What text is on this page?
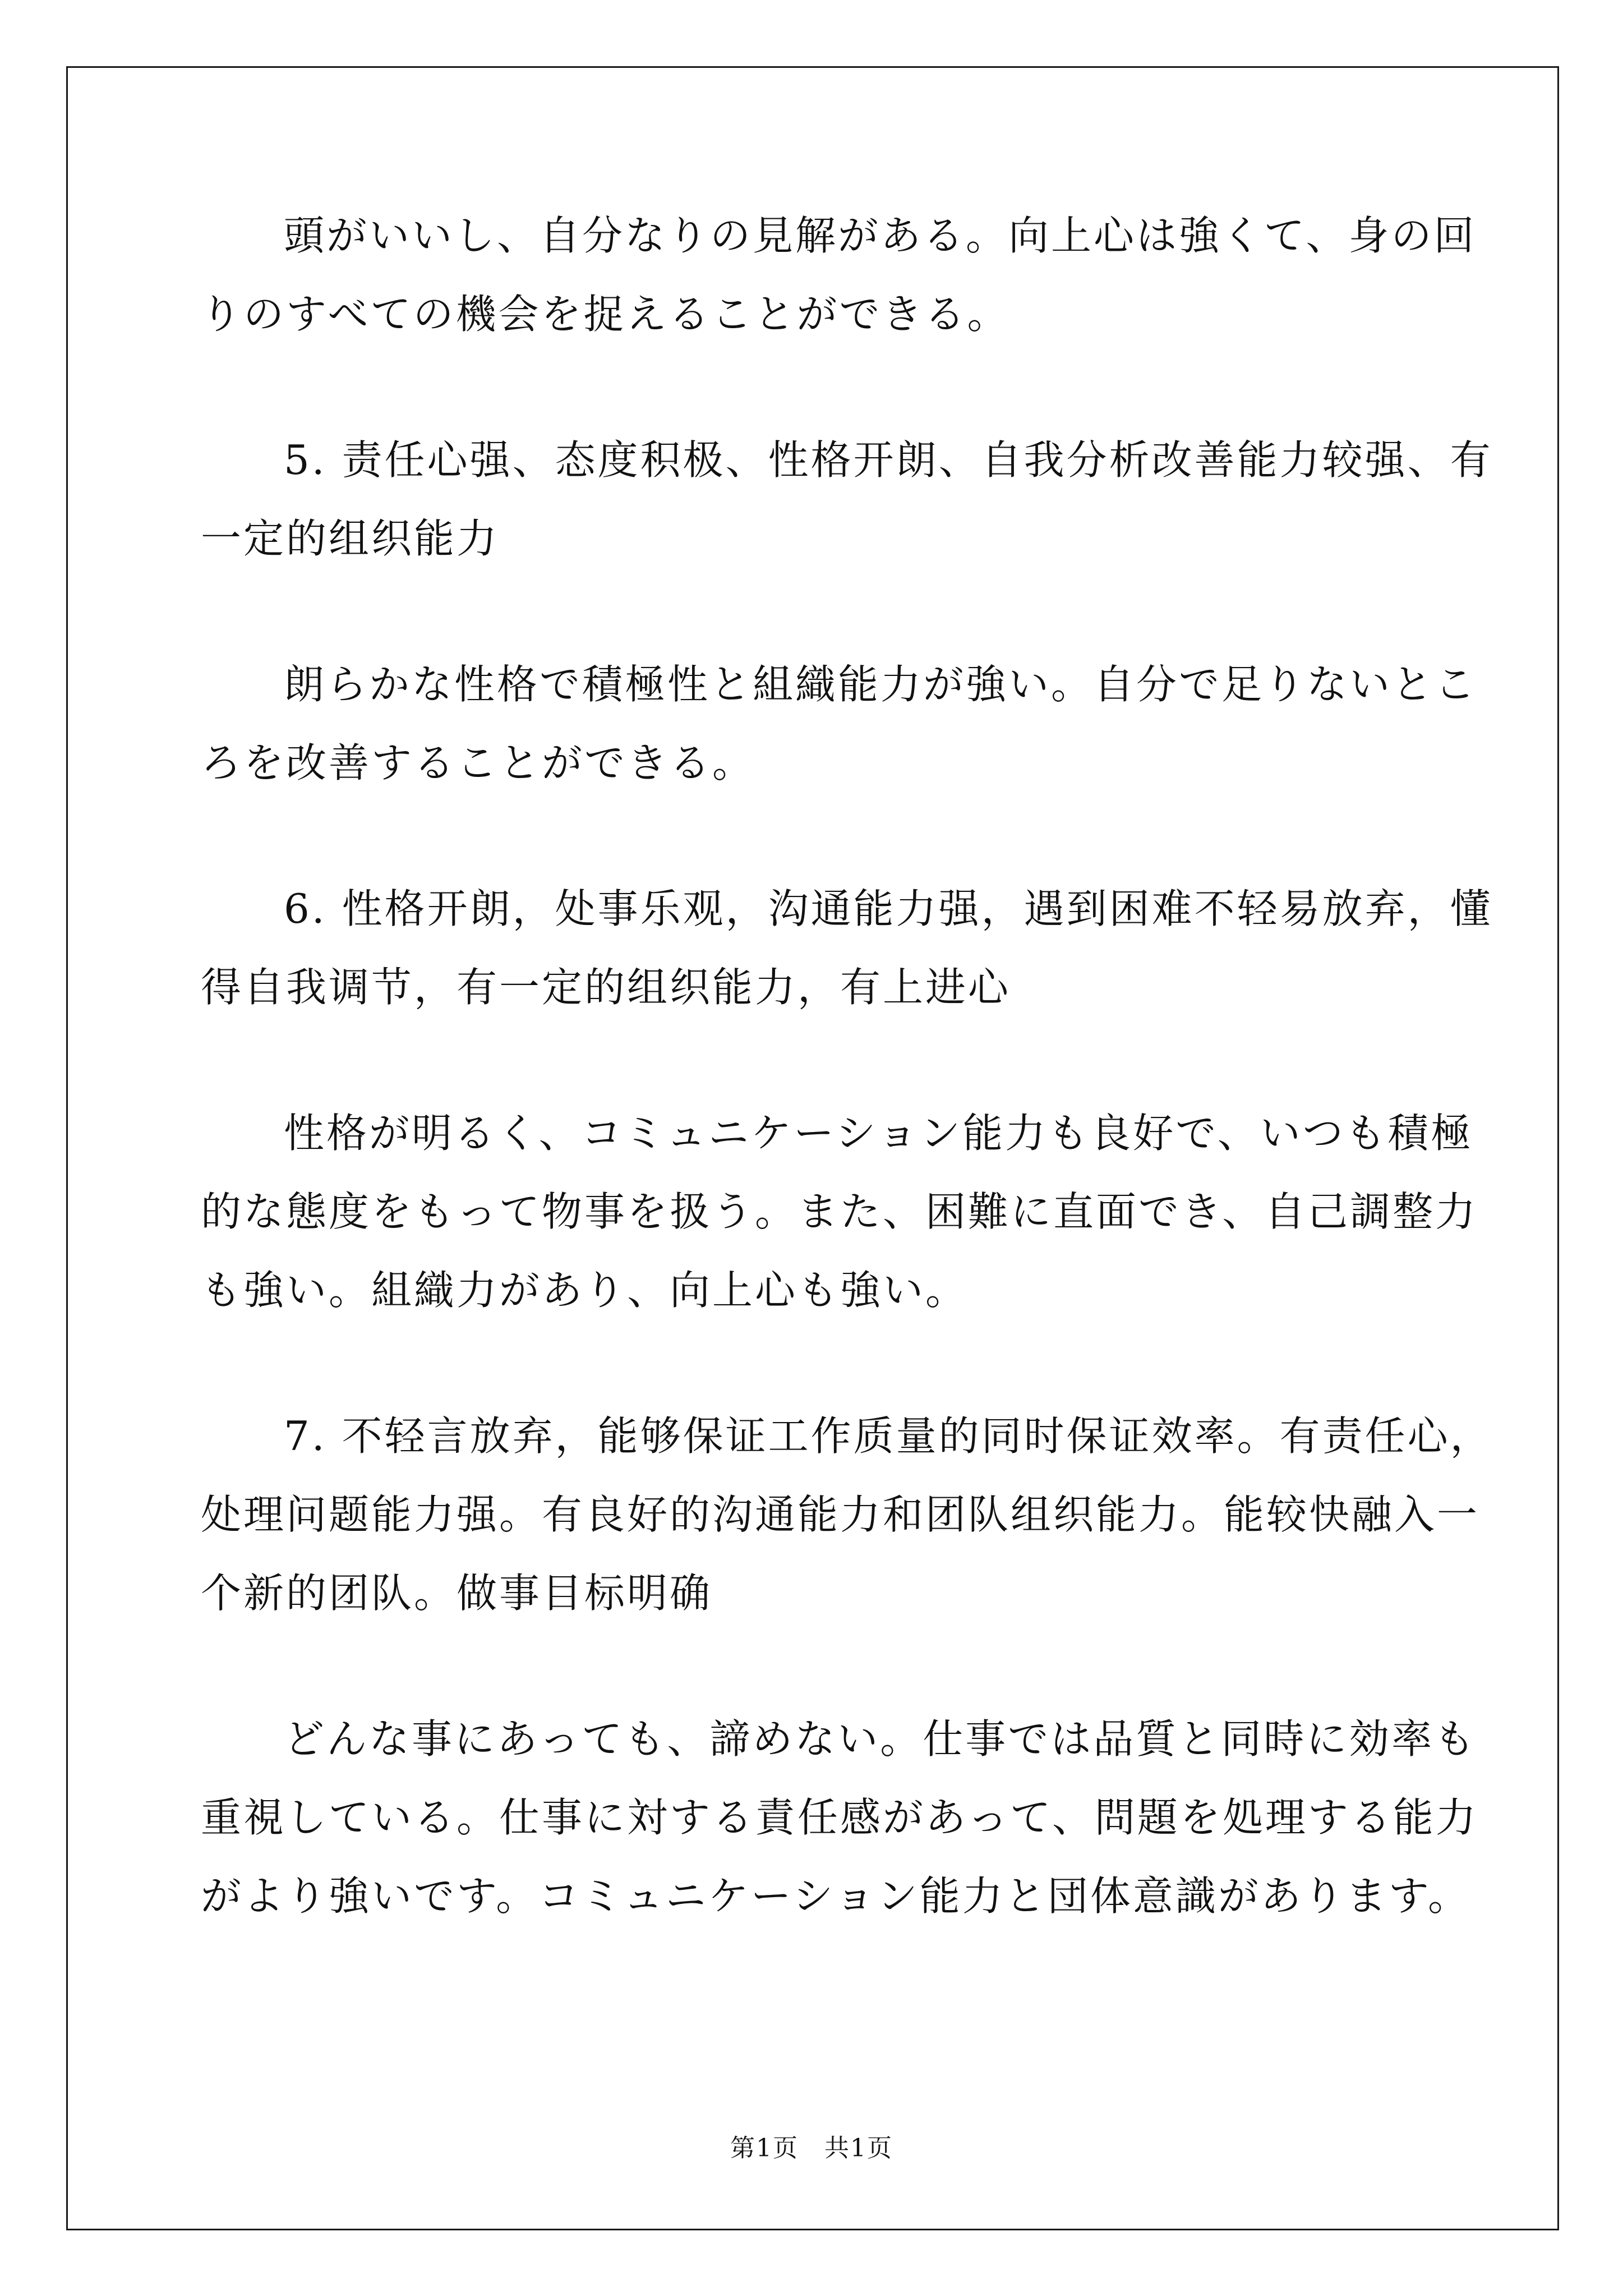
頭がいいし、自分なりの見解がある。向上心は強くて、身の回
りのすべての機会を捉えることができる。
5. 责任心强、态度积极、性格开朗、自我分析改善能力较强、有
一定的组织能力
朗らかな性格で積極性と組織能力が強い。自分で足りないとこ
ろを改善することができる。
6. 性格开朗，处事乐观，沟通能力强，遇到困难不轻易放弃，懂
得自我调节，有一定的组织能力，有上进心
性格が明るく、コミュニケーション能力も良好で、いつも積極
的な態度をもって物事を扱う。また、困難に直面でき、自己調整力
も強い。組織力があり、向上心も強い。
7. 不轻言放弃，能够保证工作质量的同时保证效率。有责任心，
处理问题能力强。有良好的沟通能力和团队组织能力。能较快融入一
个新的团队。做事目标明确
どんな事にあっても、諦めない。仕事では品質と同時に効率も
重視している。仕事に対する責任感があって、問題を処理する能力
がより強いです。コミュニケーション能力と団体意識があります。
第1页　共1页
